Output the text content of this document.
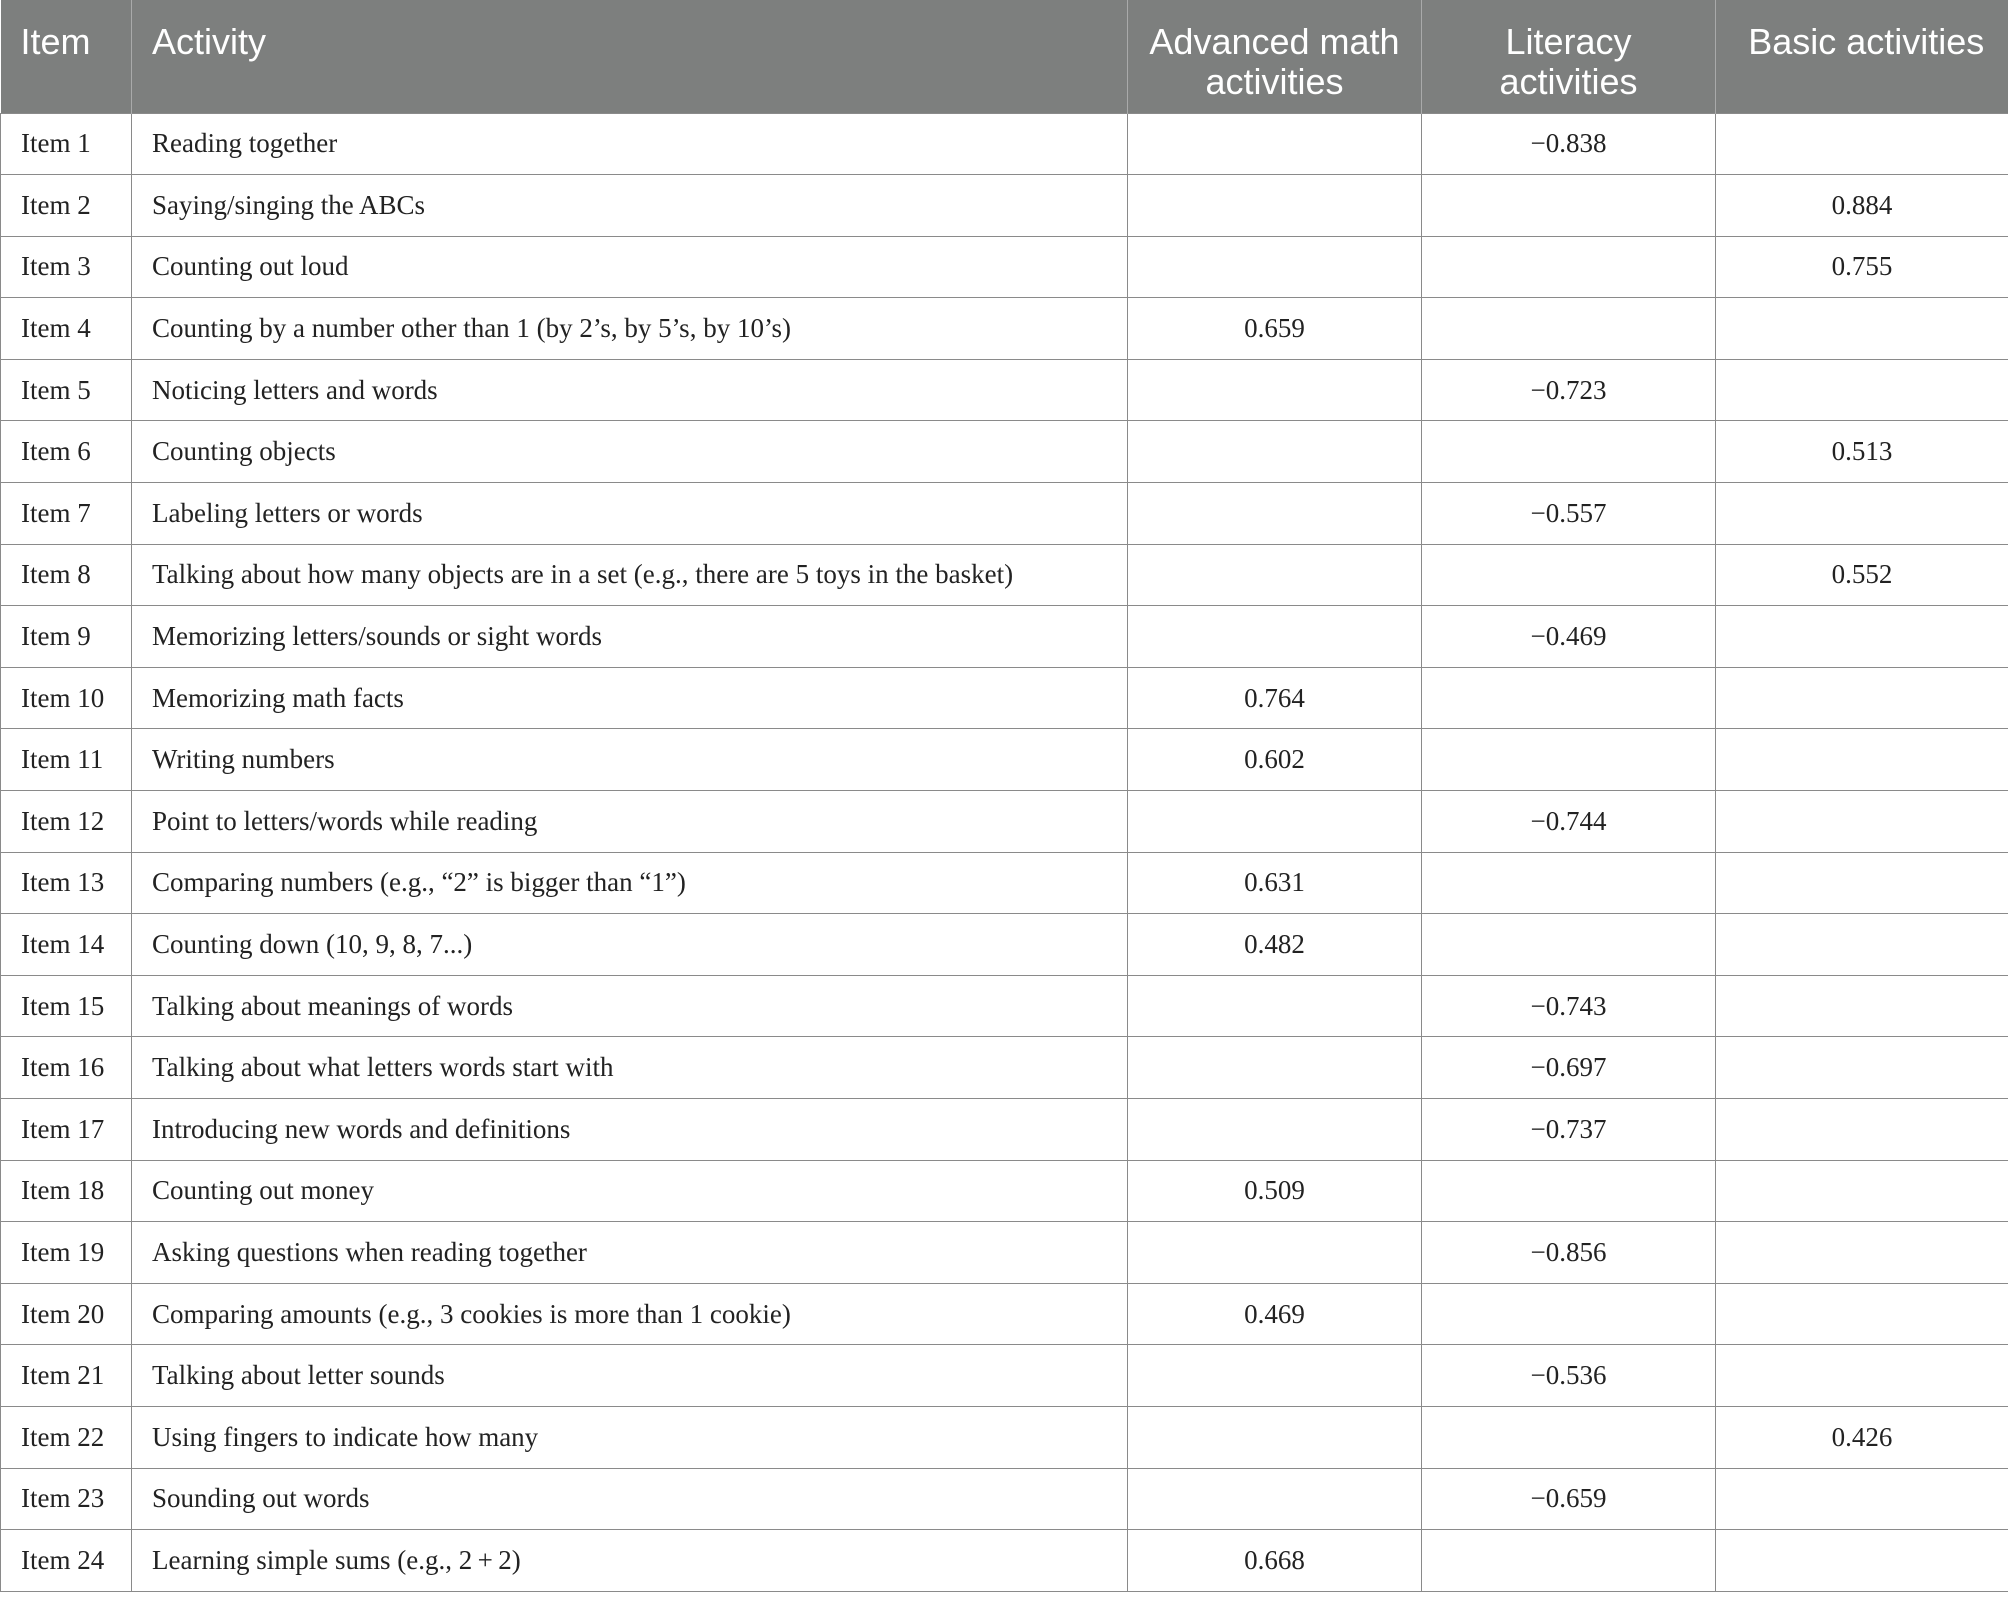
Item	Activity	Advanced math activities	Literacy activities	Basic activities
Item 1	Reading together		−0.838	
Item 2	Saying/singing the ABCs			0.884
Item 3	Counting out loud			0.755
Item 4	Counting by a number other than 1 (by 2’s, by 5’s, by 10’s)	0.659		
Item 5	Noticing letters and words		−0.723	
Item 6	Counting objects			0.513
Item 7	Labeling letters or words		−0.557	
Item 8	Talking about how many objects are in a set (e.g., there are 5 toys in the basket)			0.552
Item 9	Memorizing letters/sounds or sight words		−0.469	
Item 10	Memorizing math facts	0.764		
Item 11	Writing numbers	0.602		
Item 12	Point to letters/words while reading		−0.744	
Item 13	Comparing numbers (e.g., “2” is bigger than “1”)	0.631		
Item 14	Counting down (10, 9, 8, 7...)	0.482		
Item 15	Talking about meanings of words		−0.743	
Item 16	Talking about what letters words start with		−0.697	
Item 17	Introducing new words and definitions		−0.737	
Item 18	Counting out money	0.509		
Item 19	Asking questions when reading together		−0.856	
Item 20	Comparing amounts (e.g., 3 cookies is more than 1 cookie)	0.469		
Item 21	Talking about letter sounds		−0.536	
Item 22	Using fingers to indicate how many			0.426
Item 23	Sounding out words		−0.659	
Item 24	Learning simple sums (e.g., 2 + 2)	0.668		
